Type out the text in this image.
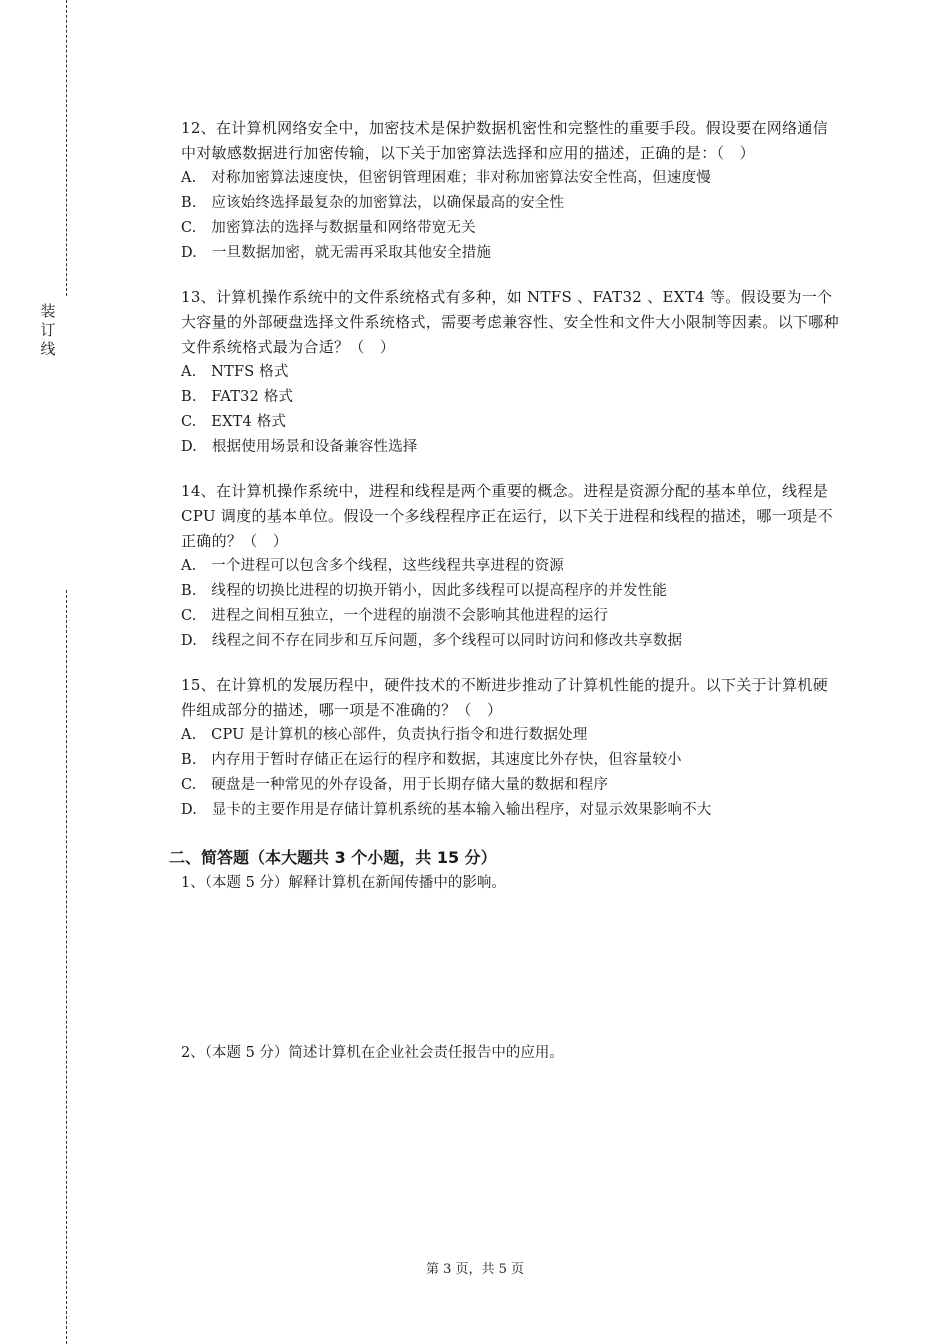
装
订
线

12、在计算机网络安全中，加密技术是保护数据机密性和完整性的重要手段。假设要在网络通信中对敏感数据进行加密传输，以下关于加密算法选择和应用的描述，正确的是：（　）

A.　对称加密算法速度快，但密钥管理困难；非对称加密算法安全性高，但速度慢

B.　应该始终选择最复杂的加密算法，以确保最高的安全性

C.　加密算法的选择与数据量和网络带宽无关

D.　一旦数据加密，就无需再采取其他安全措施

13、计算机操作系统中的文件系统格式有多种，如 NTFS 、FAT32 、EXT4 等。假设要为一个大容量的外部硬盘选择文件系统格式，需要考虑兼容性、安全性和文件大小限制等因素。以下哪种文件系统格式最为合适？（　）

A.　NTFS 格式

B.　FAT32 格式

C.　EXT4 格式

D.　根据使用场景和设备兼容性选择

14、在计算机操作系统中，进程和线程是两个重要的概念。进程是资源分配的基本单位，线程是 CPU 调度的基本单位。假设一个多线程程序正在运行，以下关于进程和线程的描述，哪一项是不正确的？（　）

A.　一个进程可以包含多个线程，这些线程共享进程的资源

B.　线程的切换比进程的切换开销小，因此多线程可以提高程序的并发性能

C.　进程之间相互独立，一个进程的崩溃不会影响其他进程的运行

D.　线程之间不存在同步和互斥问题，多个线程可以同时访问和修改共享数据

15、在计算机的发展历程中，硬件技术的不断进步推动了计算机性能的提升。以下关于计算机硬件组成部分的描述，哪一项是不准确的？（　）

A.　CPU 是计算机的核心部件，负责执行指令和进行数据处理

B.　内存用于暂时存储正在运行的程序和数据，其速度比外存快，但容量较小

C.　硬盘是一种常见的外存设备，用于长期存储大量的数据和程序

D.　显卡的主要作用是存储计算机系统的基本输入输出程序，对显示效果影响不大

二、简答题（本大题共 3 个小题，共 15 分）

1、（本题 5 分）解释计算机在新闻传播中的影响。

2、（本题 5 分）简述计算机在企业社会责任报告中的应用。

第 3 页，共 5 页
